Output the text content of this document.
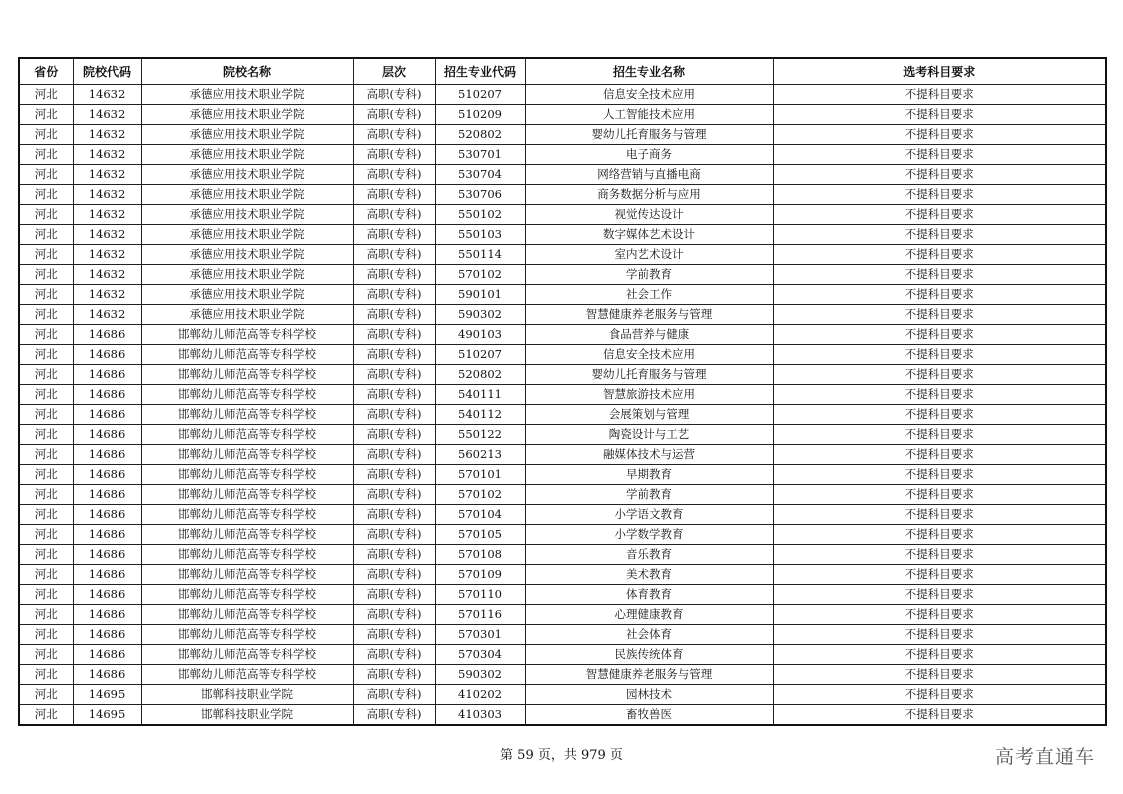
省份	院校代码	院校名称	层次	招生专业代码	招生专业名称	选考科目要求
河北	14632	承德应用技术职业学院	高职(专科)	510207	信息安全技术应用	不提科目要求
河北	14632	承德应用技术职业学院	高职(专科)	510209	人工智能技术应用	不提科目要求
河北	14632	承德应用技术职业学院	高职(专科)	520802	婴幼儿托育服务与管理	不提科目要求
河北	14632	承德应用技术职业学院	高职(专科)	530701	电子商务	不提科目要求
河北	14632	承德应用技术职业学院	高职(专科)	530704	网络营销与直播电商	不提科目要求
河北	14632	承德应用技术职业学院	高职(专科)	530706	商务数据分析与应用	不提科目要求
河北	14632	承德应用技术职业学院	高职(专科)	550102	视觉传达设计	不提科目要求
河北	14632	承德应用技术职业学院	高职(专科)	550103	数字媒体艺术设计	不提科目要求
河北	14632	承德应用技术职业学院	高职(专科)	550114	室内艺术设计	不提科目要求
河北	14632	承德应用技术职业学院	高职(专科)	570102	学前教育	不提科目要求
河北	14632	承德应用技术职业学院	高职(专科)	590101	社会工作	不提科目要求
河北	14632	承德应用技术职业学院	高职(专科)	590302	智慧健康养老服务与管理	不提科目要求
河北	14686	邯郸幼儿师范高等专科学校	高职(专科)	490103	食品营养与健康	不提科目要求
河北	14686	邯郸幼儿师范高等专科学校	高职(专科)	510207	信息安全技术应用	不提科目要求
河北	14686	邯郸幼儿师范高等专科学校	高职(专科)	520802	婴幼儿托育服务与管理	不提科目要求
河北	14686	邯郸幼儿师范高等专科学校	高职(专科)	540111	智慧旅游技术应用	不提科目要求
河北	14686	邯郸幼儿师范高等专科学校	高职(专科)	540112	会展策划与管理	不提科目要求
河北	14686	邯郸幼儿师范高等专科学校	高职(专科)	550122	陶瓷设计与工艺	不提科目要求
河北	14686	邯郸幼儿师范高等专科学校	高职(专科)	560213	融媒体技术与运营	不提科目要求
河北	14686	邯郸幼儿师范高等专科学校	高职(专科)	570101	早期教育	不提科目要求
河北	14686	邯郸幼儿师范高等专科学校	高职(专科)	570102	学前教育	不提科目要求
河北	14686	邯郸幼儿师范高等专科学校	高职(专科)	570104	小学语文教育	不提科目要求
河北	14686	邯郸幼儿师范高等专科学校	高职(专科)	570105	小学数学教育	不提科目要求
河北	14686	邯郸幼儿师范高等专科学校	高职(专科)	570108	音乐教育	不提科目要求
河北	14686	邯郸幼儿师范高等专科学校	高职(专科)	570109	美术教育	不提科目要求
河北	14686	邯郸幼儿师范高等专科学校	高职(专科)	570110	体育教育	不提科目要求
河北	14686	邯郸幼儿师范高等专科学校	高职(专科)	570116	心理健康教育	不提科目要求
河北	14686	邯郸幼儿师范高等专科学校	高职(专科)	570301	社会体育	不提科目要求
河北	14686	邯郸幼儿师范高等专科学校	高职(专科)	570304	民族传统体育	不提科目要求
河北	14686	邯郸幼儿师范高等专科学校	高职(专科)	590302	智慧健康养老服务与管理	不提科目要求
河北	14695	邯郸科技职业学院	高职(专科)	410202	园林技术	不提科目要求
河北	14695	邯郸科技职业学院	高职(专科)	410303	畜牧兽医	不提科目要求
第 59 页，共 979 页	高考直通车
